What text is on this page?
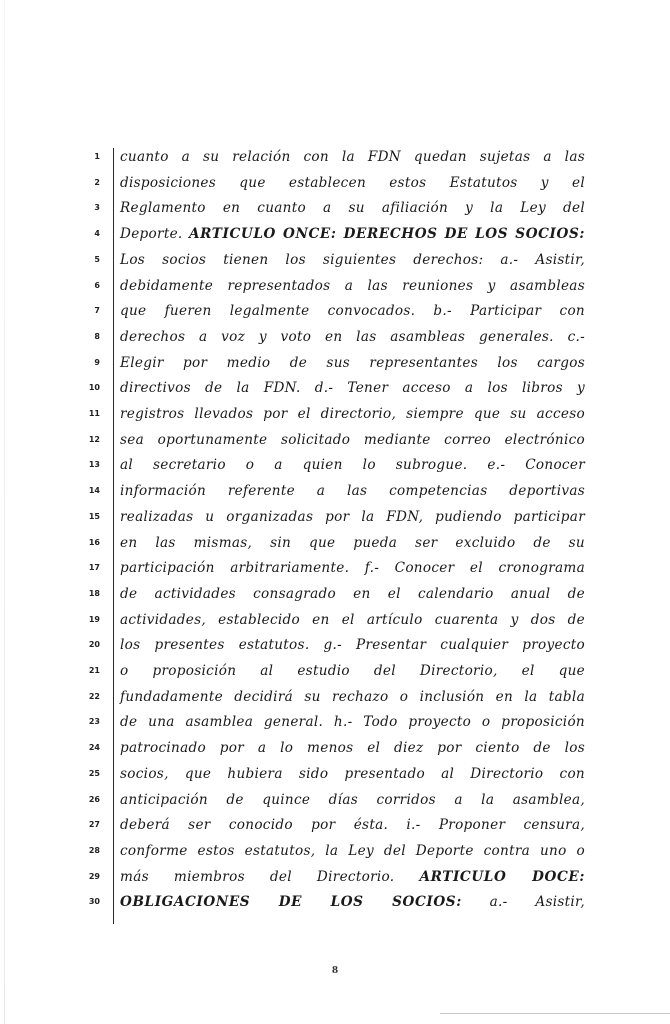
1 cuanto a su relación con la FDN quedan sujetas a las
2 disposiciones que establecen estos Estatutos y el
3 Reglamento en cuanto a su afiliación y la Ley del
4 Deporte. ARTICULO ONCE: DERECHOS DE LOS SOCIOS:
5 Los socios tienen los siguientes derechos: a.- Asistir,
6 debidamente representados a las reuniones y asambleas
7 que fueren legalmente convocados. b.- Participar con
8 derechos a voz y voto en las asambleas generales. c.-
9 Elegir por medio de sus representantes los cargos
10 directivos de la FDN. d.- Tener acceso a los libros y
11 registros llevados por el directorio, siempre que su acceso
12 sea oportunamente solicitado mediante correo electrónico
13 al secretario o a quien lo subrogue. e.- Conocer
14 información referente a las competencias deportivas
15 realizadas u organizadas por la FDN, pudiendo participar
16 en las mismas, sin que pueda ser excluido de su
17 participación arbitrariamente. f.- Conocer el cronograma
18 de actividades consagrado en el calendario anual de
19 actividades, establecido en el artículo cuarenta y dos de
20 los presentes estatutos. g.- Presentar cualquier proyecto
21 o proposición al estudio del Directorio, el que
22 fundadamente decidirá su rechazo o inclusión en la tabla
23 de una asamblea general. h.- Todo proyecto o proposición
24 patrocinado por a lo menos el diez por ciento de los
25 socios, que hubiera sido presentado al Directorio con
26 anticipación de quince días corridos a la asamblea,
27 deberá ser conocido por ésta. i.- Proponer censura,
28 conforme estos estatutos, la Ley del Deporte contra uno o
29 más miembros del Directorio. ARTICULO DOCE:
30 OBLIGACIONES DE LOS SOCIOS: a.- Asistir,
8
